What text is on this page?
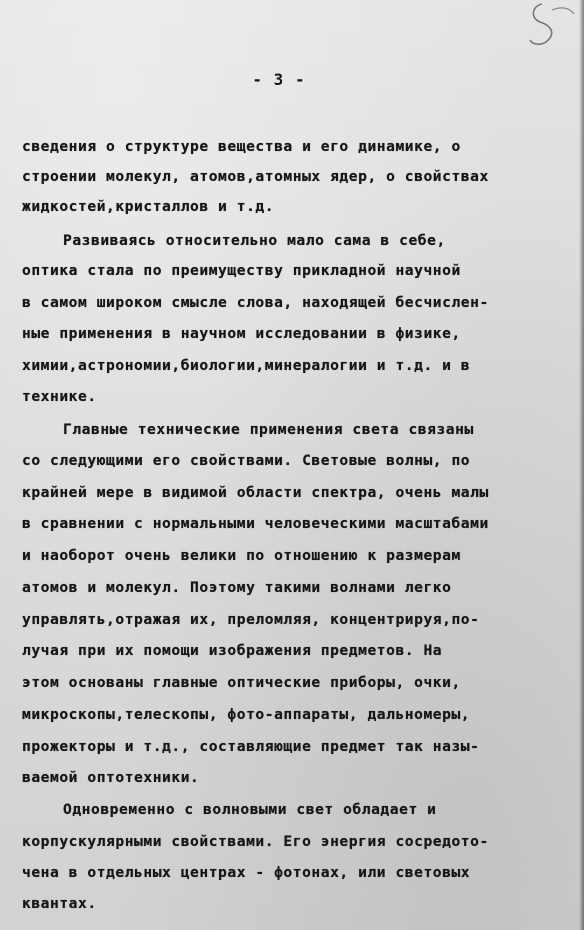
- 3 -
сведения о структуре вещества и его динамике, о
строении молекул, атомов,атомных ядер, о свойствах
жидкостей,кристаллов и т.д.
Развиваясь относительно мало сама в себе,
оптика стала по преимуществу прикладной научной
в самом широком смысле слова, находящей бесчислен-
ные применения в научном исследовании в физике,
химии,астрономии,биологии,минералогии и т.д. и в
технике.
Главные технические применения света связаны
со следующими его свойствами. Световые волны, по
крайней мере в видимой области спектра, очень малы
в сравнении с нормальными человеческими масштабами
и наоборот очень велики по отношению к размерам
атомов и молекул. Поэтому такими волнами легко
управлять,отражая их, преломляя, концентрируя,по-
лучая при их помощи изображения предметов. На
этом основаны главные оптические приборы, очки,
микроскопы,телескопы, фото-аппараты, дальномеры,
прожекторы и т.д., составляющие предмет так назы-
ваемой оптотехники.
Одновременно с волновыми свет обладает и
корпускулярными свойствами. Его энергия сосредото-
чена в отдельных центрах - фотонах, или световых
квантах.
